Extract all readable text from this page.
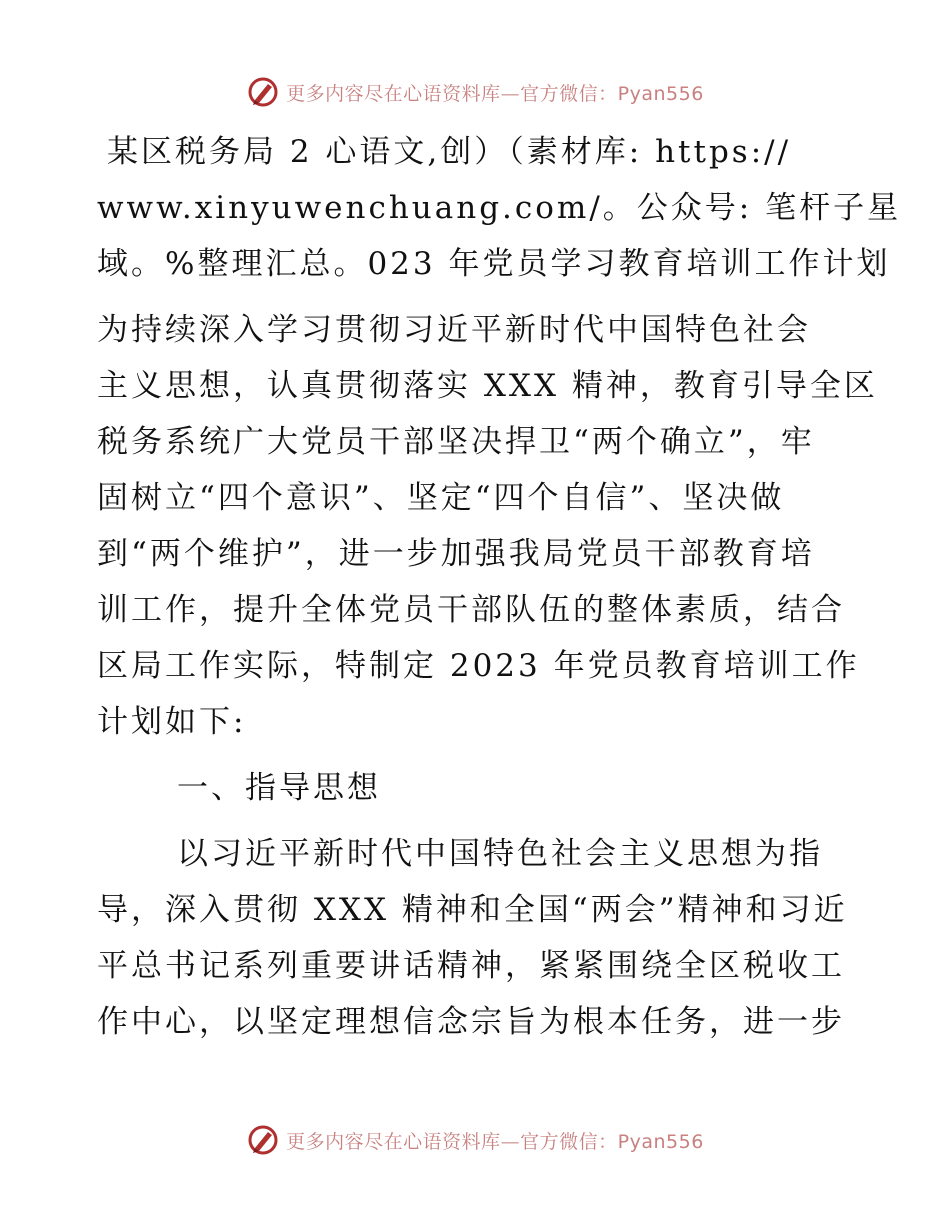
更多内容尽在心语资料库—官方微信：Pyan556
某区税务局 2 心语文,创）（素材库: https://
www.xinyuwenchuang.com/。公众号: 笔杆子星
域。%整理汇总。023 年党员学习教育培训工作计划
为持续深入学习贯彻习近平新时代中国特色社会
主义思想，认真贯彻落实 XXX 精神，教育引导全区
税务系统广大党员干部坚决捍卫“两个确立”，牢
固树立“四个意识”、坚定“四个自信”、坚决做
到“两个维护”，进一步加强我局党员干部教育培
训工作，提升全体党员干部队伍的整体素质，结合
区局工作实际，特制定 2023 年党员教育培训工作
计划如下:
一、指导思想
以习近平新时代中国特色社会主义思想为指
导，深入贯彻 XXX 精神和全国“两会”精神和习近
平总书记系列重要讲话精神，紧紧围绕全区税收工
作中心，以坚定理想信念宗旨为根本任务，进一步
更多内容尽在心语资料库—官方微信：Pyan556
